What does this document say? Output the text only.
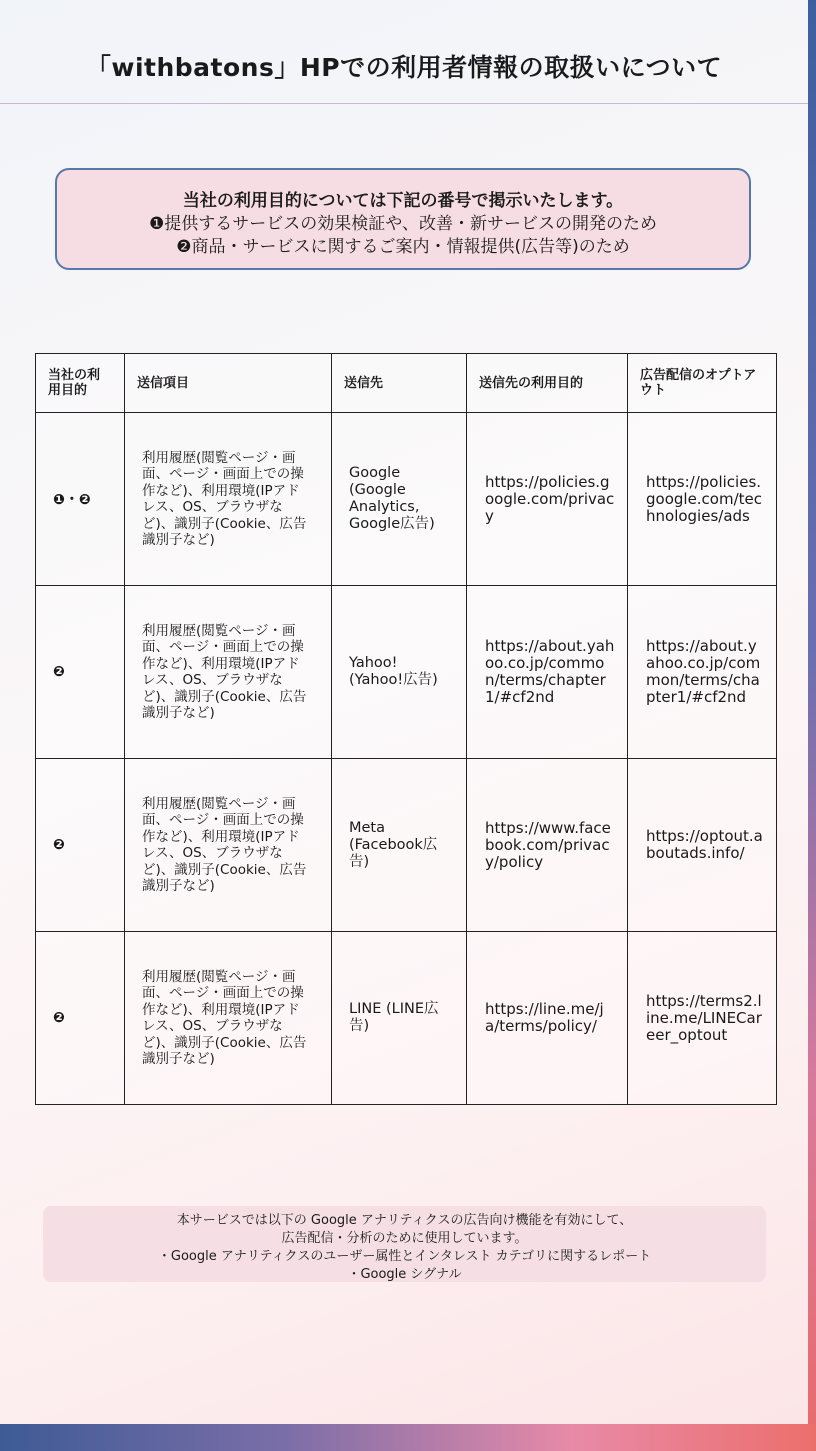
「withbatons」HPでの利用者情報の取扱いについて
当社の利用目的については下記の番号で掲示いたします。
❶提供するサービスの効果検証や、改善・新サービスの開発のため
❷商品・サービスに関するご案内・情報提供(広告等)のため
当社の利用目的	送信項目	送信先	送信先の利用目的	広告配信のオプトアウト
❶・❷	利用履歴(閲覧ページ・画面、ページ・画面上での操作など)、利用環境(IPアドレス、OS、ブラウザなど)、識別子(Cookie、広告識別子など)	Google (Google Analytics, Google広告)	https://policies.google.com/privacy	https://policies.google.com/technologies/ads
❷	利用履歴(閲覧ページ・画面、ページ・画面上での操作など)、利用環境(IPアドレス、OS、ブラウザなど)、識別子(Cookie、広告識別子など)	Yahoo! (Yahoo!広告)	https://about.yahoo.co.jp/common/terms/chapter1/#cf2nd	https://about.yahoo.co.jp/common/terms/chapter1/#cf2nd
❷	利用履歴(閲覧ページ・画面、ページ・画面上での操作など)、利用環境(IPアドレス、OS、ブラウザなど)、識別子(Cookie、広告識別子など)	Meta (Facebook広告)	https://www.facebook.com/privacy/policy	https://optout.aboutads.info/
❷	利用履歴(閲覧ページ・画面、ページ・画面上での操作など)、利用環境(IPアドレス、OS、ブラウザなど)、識別子(Cookie、広告識別子など)	LINE (LINE広告)	https://line.me/ja/terms/policy/	https://terms2.line.me/LINECareer_optout
本サービスでは以下の Google アナリティクスの広告向け機能を有効にして、
広告配信・分析のために使用しています。
・Google アナリティクスのユーザー属性とインタレスト カテゴリに関するレポート
・Google シグナル
